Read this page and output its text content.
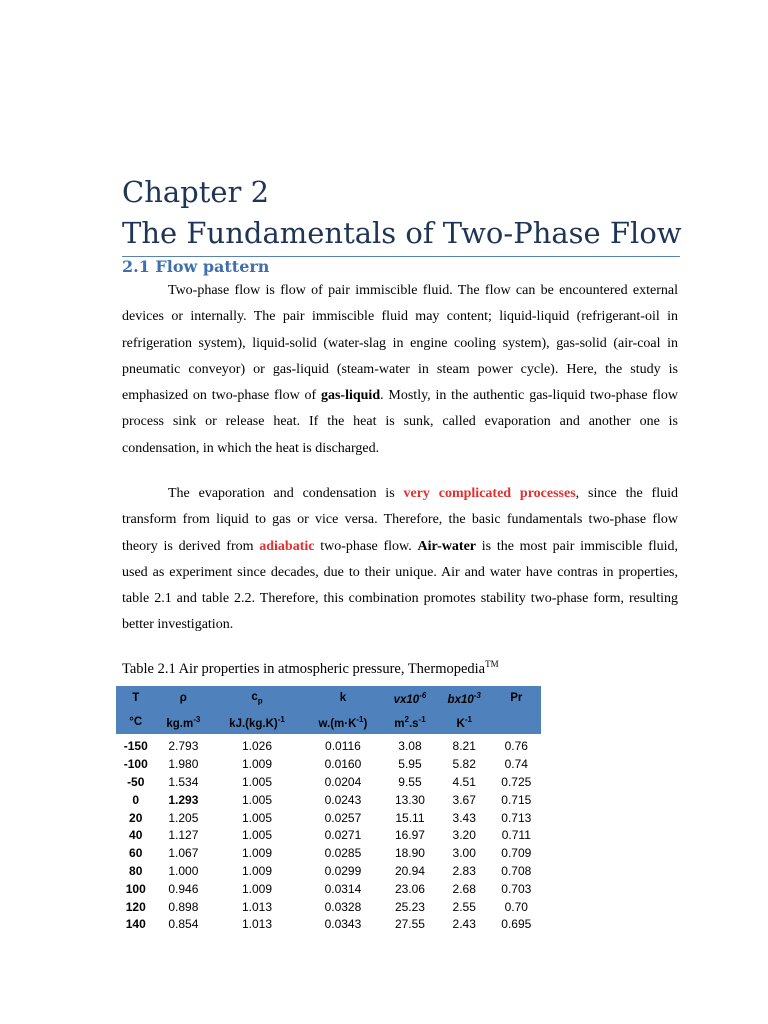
Chapter 2
The Fundamentals of Two-Phase Flow
2.1 Flow pattern

Two-phase flow is flow of pair immiscible fluid. The flow can be encountered external devices or internally. The pair immiscible fluid may content; liquid-liquid (refrigerant-oil in refrigeration system), liquid-solid (water-slag in engine cooling system), gas-solid (air-coal in pneumatic conveyor) or gas-liquid (steam-water in steam power cycle). Here, the study is emphasized on two-phase flow of gas-liquid. Mostly, in the authentic gas-liquid two-phase flow process sink or release heat. If the heat is sunk, called evaporation and another one is condensation, in which the heat is discharged.

The evaporation and condensation is very complicated processes, since the fluid transform from liquid to gas or vice versa. Therefore, the basic fundamentals two-phase flow theory is derived from adiabatic two-phase flow. Air-water is the most pair immiscible fluid, used as experiment since decades, due to their unique. Air and water have contras in properties, table 2.1 and table 2.2. Therefore, this combination promotes stability two-phase form, resulting better investigation.

Table 2.1 Air properties in atmospheric pressure, Thermopedia™
T	ρ	$c_p$	k	$vx10^{-6}$	$bx10^{-3}$	Pr
°C	$kg.m^{-3}$	$kJ.(kg.K)^{-1}$	$w.(m\cdot K^{-1})$	$m^2.s^{-1}$	$K^{-1}$	
-150	2.793	1.026	0.0116	3.08	8.21	0.76
-100	1.980	1.009	0.0160	5.95	5.82	0.74
-50	1.534	1.005	0.0204	9.55	4.51	0.725
0	1.293	1.005	0.0243	13.30	3.67	0.715
20	1.205	1.005	0.0257	15.11	3.43	0.713
40	1.127	1.005	0.0271	16.97	3.20	0.711
60	1.067	1.009	0.0285	18.90	3.00	0.709
80	1.000	1.009	0.0299	20.94	2.83	0.708
100	0.946	1.009	0.0314	23.06	2.68	0.703
120	0.898	1.013	0.0328	25.23	2.55	0.70
140	0.854	1.013	0.0343	27.55	2.43	0.695
